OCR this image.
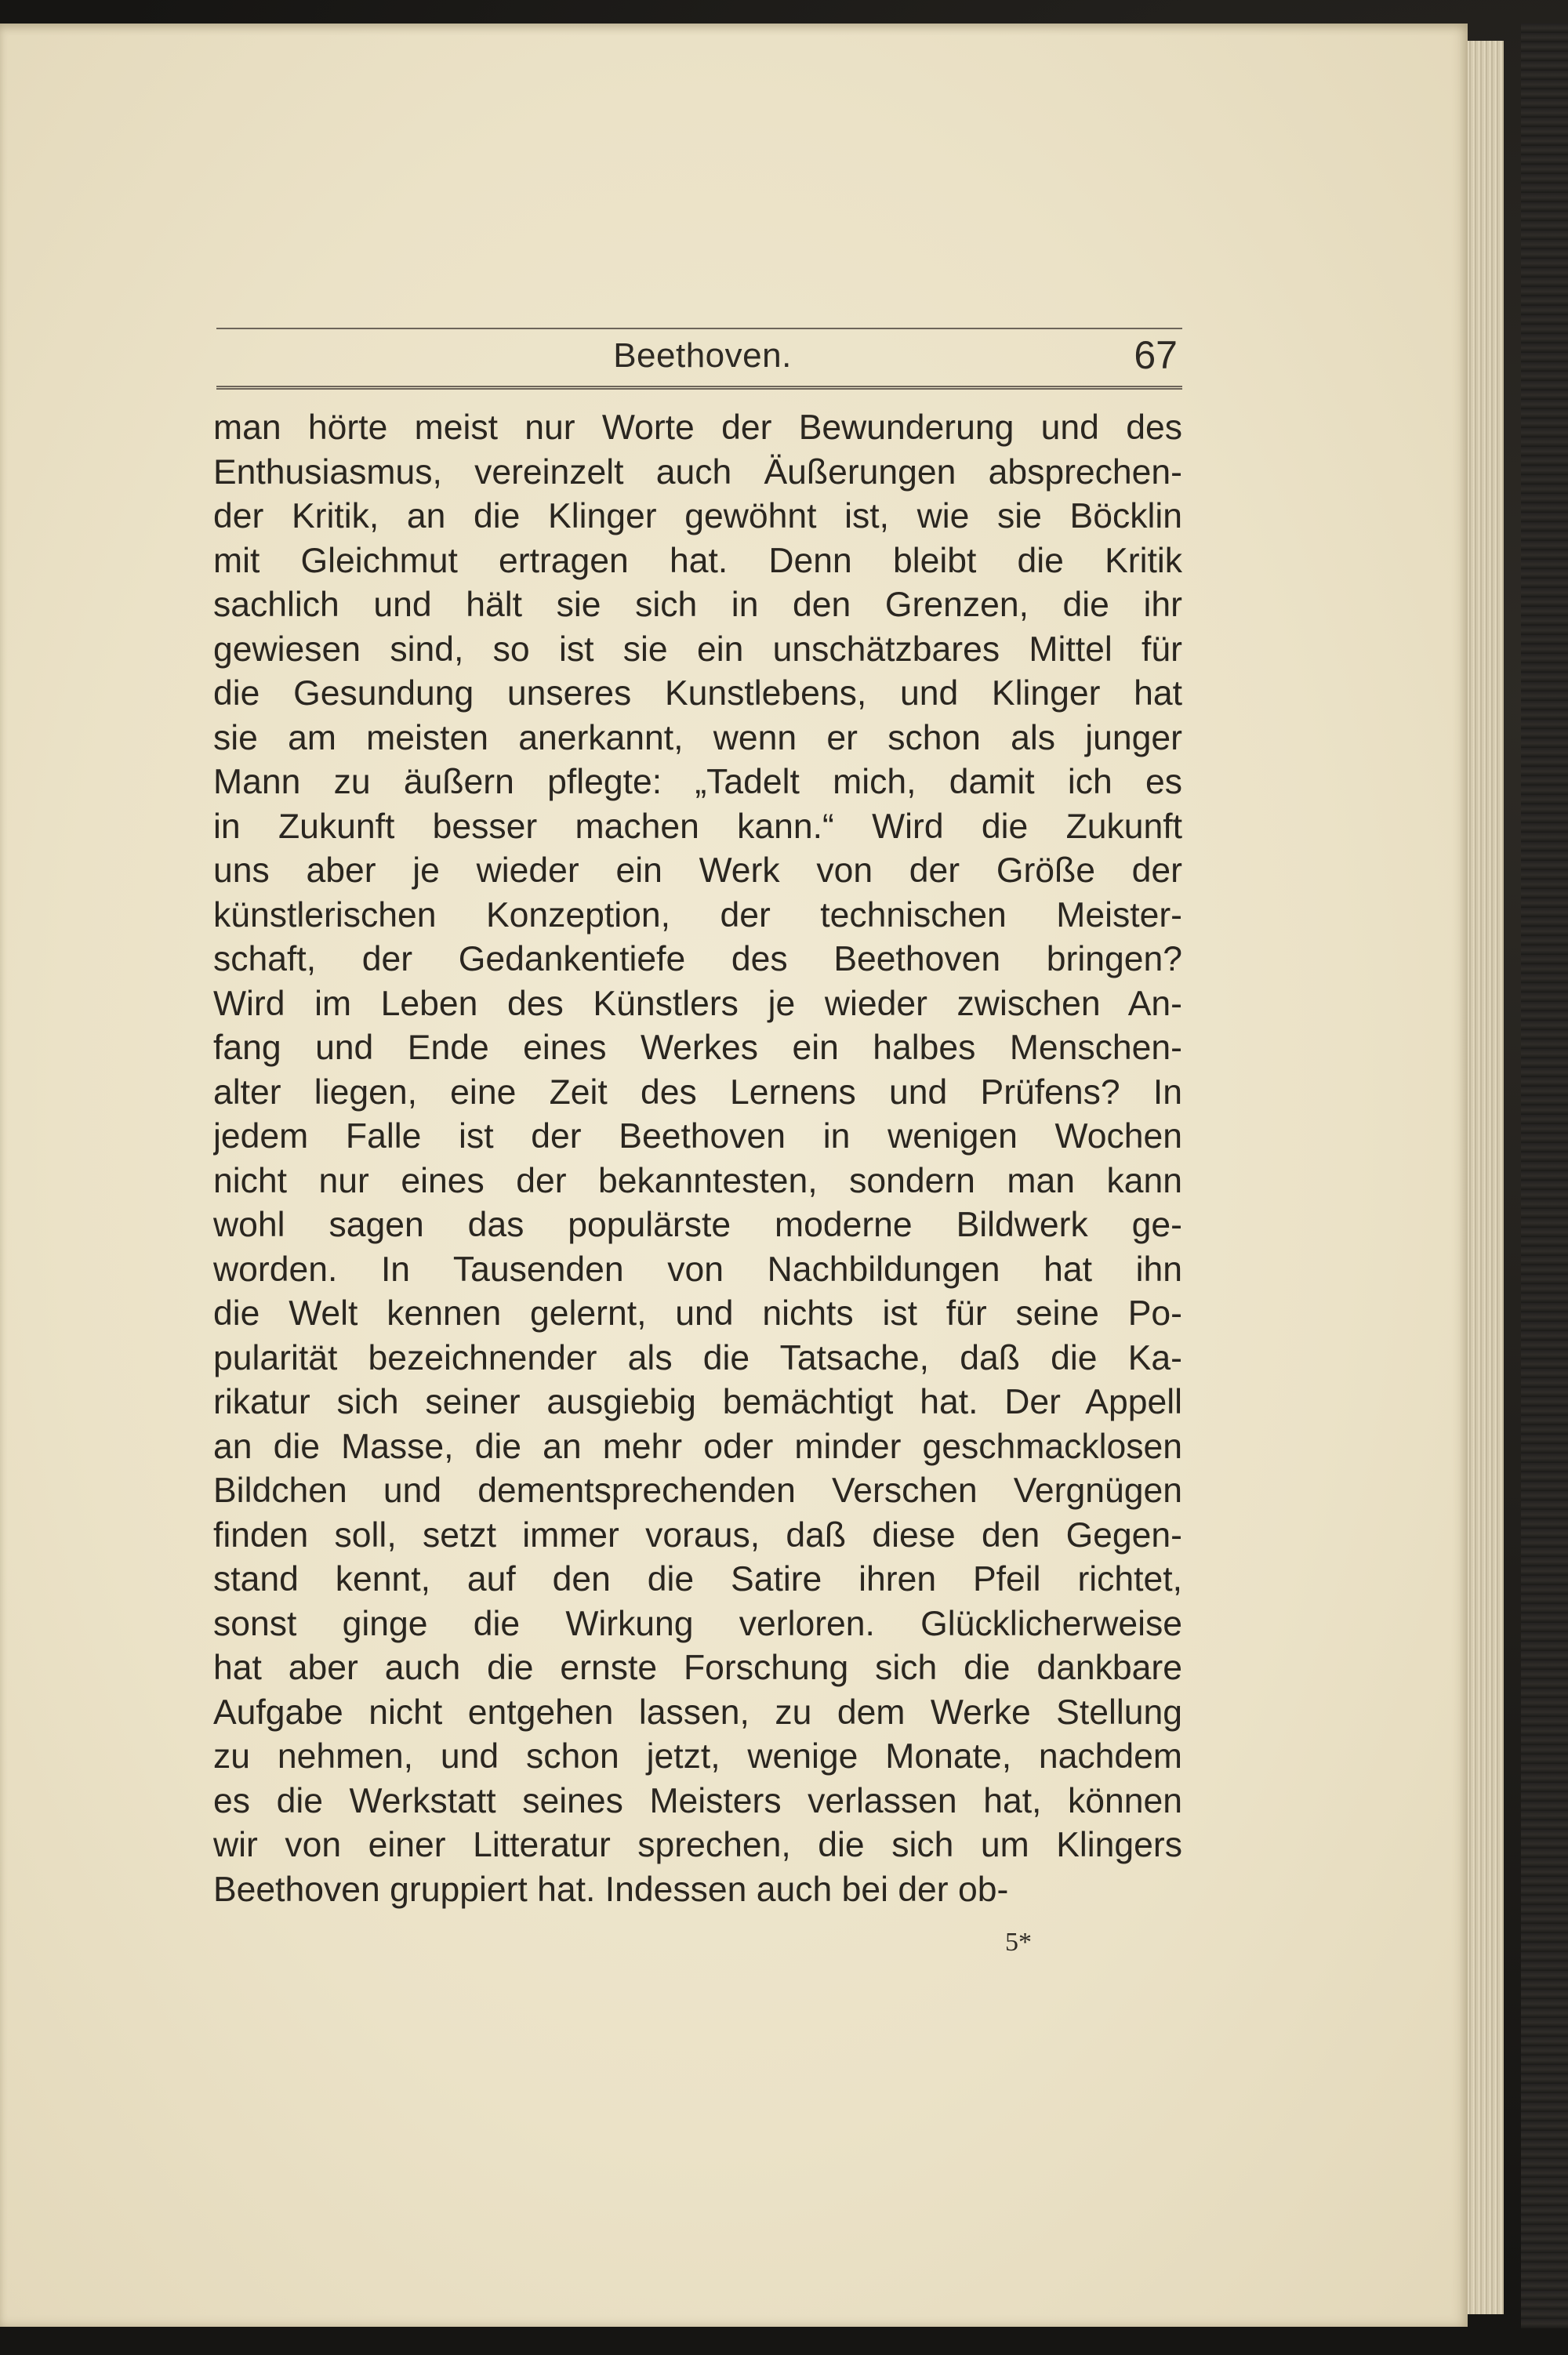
Beethoven.	67
man hörte meist nur Worte der Bewunderung und des
Enthusiasmus, vereinzelt auch Äußerungen absprechen-
der Kritik, an die Klinger gewöhnt ist, wie sie Böcklin
mit Gleichmut ertragen hat. Denn bleibt die Kritik
sachlich und hält sie sich in den Grenzen, die ihr
gewiesen sind, so ist sie ein unschätzbares Mittel für
die Gesundung unseres Kunstlebens, und Klinger hat
sie am meisten anerkannt, wenn er schon als junger
Mann zu äußern pflegte: „Tadelt mich, damit ich es
in Zukunft besser machen kann.“ Wird die Zukunft
uns aber je wieder ein Werk von der Größe der
künstlerischen Konzeption, der technischen Meister-
schaft, der Gedankentiefe des Beethoven bringen?
Wird im Leben des Künstlers je wieder zwischen An-
fang und Ende eines Werkes ein halbes Menschen-
alter liegen, eine Zeit des Lernens und Prüfens? In
jedem Falle ist der Beethoven in wenigen Wochen
nicht nur eines der bekanntesten, sondern man kann
wohl sagen das populärste moderne Bildwerk ge-
worden. In Tausenden von Nachbildungen hat ihn
die Welt kennen gelernt, und nichts ist für seine Po-
pularität bezeichnender als die Tatsache, daß die Ka-
rikatur sich seiner ausgiebig bemächtigt hat. Der Appell
an die Masse, die an mehr oder minder geschmacklosen
Bildchen und dementsprechenden Verschen Vergnügen
finden soll, setzt immer voraus, daß diese den Gegen-
stand kennt, auf den die Satire ihren Pfeil richtet,
sonst ginge die Wirkung verloren. Glücklicherweise
hat aber auch die ernste Forschung sich die dankbare
Aufgabe nicht entgehen lassen, zu dem Werke Stellung
zu nehmen, und schon jetzt, wenige Monate, nachdem
es die Werkstatt seines Meisters verlassen hat, können
wir von einer Litteratur sprechen, die sich um Klingers
Beethoven gruppiert hat. Indessen auch bei der ob-
5*
